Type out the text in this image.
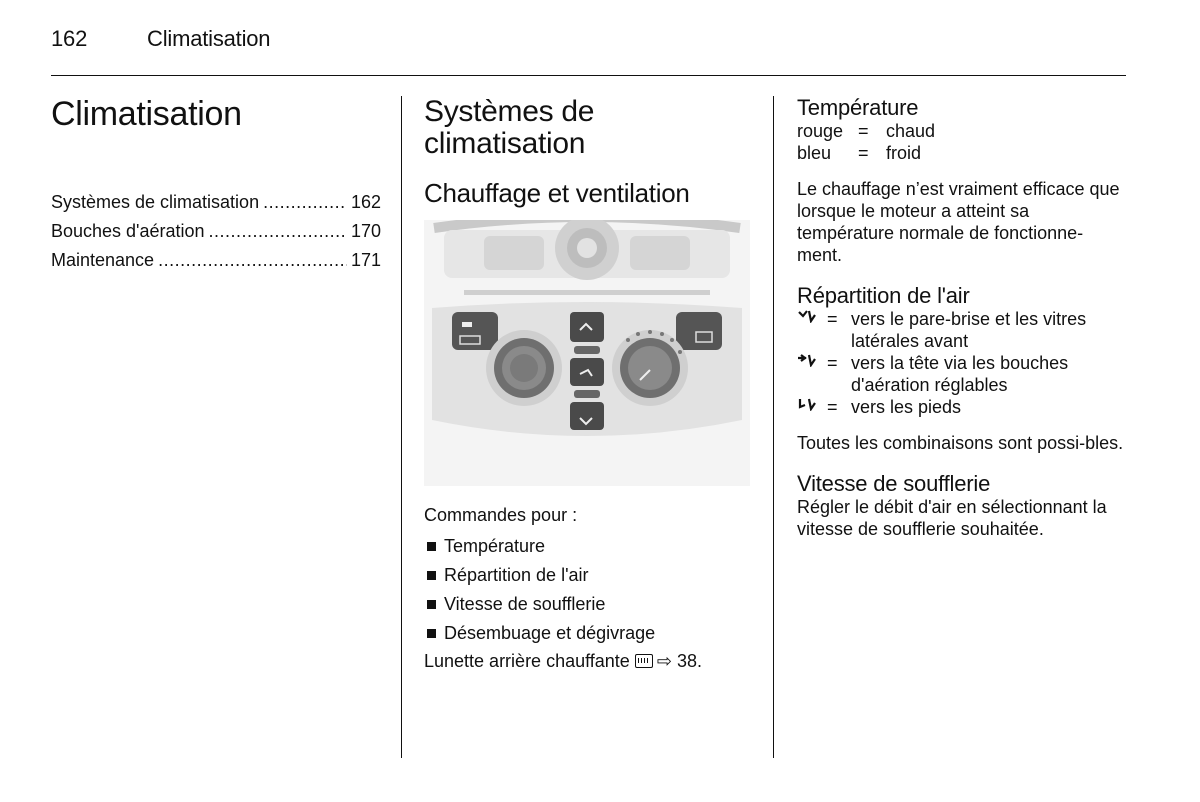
162	Climatisation
Climatisation
Systèmes de climatisation .....	162
Bouches d'aération .....	170
Maintenance .....	171
Systèmes de climatisation
Chauffage et ventilation

Commandes pour :

Température
Répartition de l'air
Vitesse de soufflerie
Désembuage et dégivrage
Lunette arrière chauffante ⇨ 38.
Température
rouge = chaud
bleu	= froid

Le chauffage n’est vraiment efficace que lorsque le moteur a atteint sa température normale de fonctionne-ment.

Répartition de l'air
= vers le pare-brise et les vitres latérales avant
= vers la tête via les bouches d'aération réglables
= vers les pieds

Toutes les combinaisons sont possi-bles.

Vitesse de soufflerie

Régler le débit d'air en sélectionnant la vitesse de soufflerie souhaitée.
